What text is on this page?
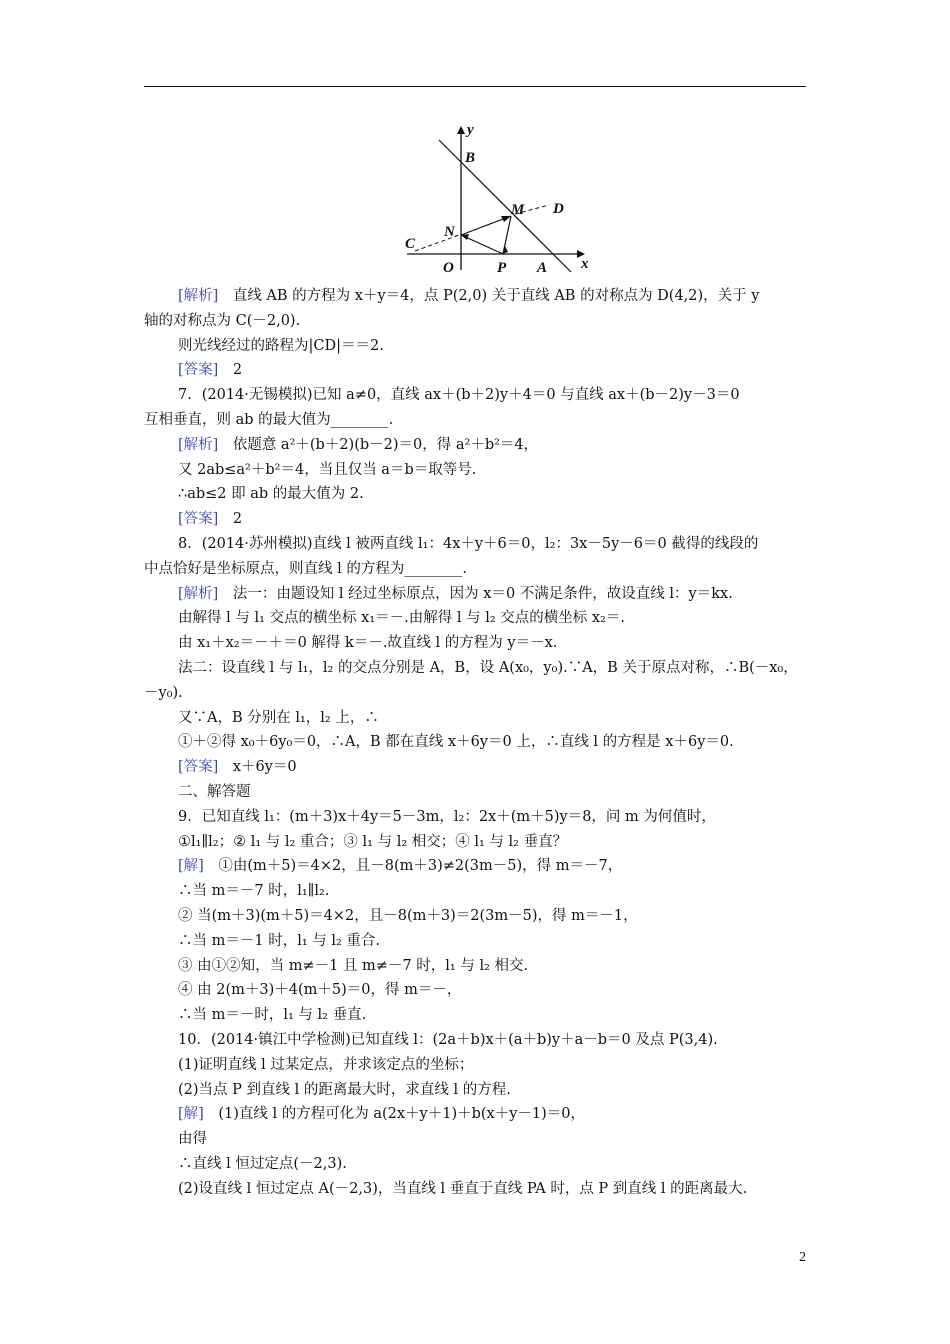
y
x
B
M D
N
C
O	P A
[解析]　直线 AB 的方程为 x＋y＝4，点 P(2,0) 关于直线 AB 的对称点为 D(4,2)，关于 y
轴的对称点为 C(－2,0).
则光线经过的路程为|CD|＝＝2.
[答案]　2
7．(2014·无锡模拟)已知 a≠0，直线 ax＋(b＋2)y＋4＝0 与直线 ax＋(b－2)y－3＝0
互相垂直，则 ab 的最大值为________.
[解析]　依题意 a²＋(b＋2)(b－2)＝0，得 a²＋b²＝4，
又 2ab≤a²＋b²＝4，当且仅当 a＝b＝取等号.
∴ab≤2 即 ab 的最大值为 2.
[答案]　2
8．(2014·苏州模拟)直线 l 被两直线 l₁：4x＋y＋6＝0，l₂：3x－5y－6＝0 截得的线段的
中点恰好是坐标原点，则直线 l 的方程为________.
[解析]　法一：由题设知 l 经过坐标原点，因为 x＝0 不满足条件，故设直线 l：y＝kx.
由解得 l 与 l₁ 交点的横坐标 x₁＝－.由解得 l 与 l₂ 交点的横坐标 x₂＝.
由 x₁＋x₂＝－＋＝0 解得 k＝－.故直线 l 的方程为 y＝－x.
法二：设直线 l 与 l₁，l₂ 的交点分别是 A，B，设 A(x₀，y₀).∵A，B 关于原点对称，∴B(－x₀，
－y₀).
又∵A，B 分别在 l₁，l₂ 上，∴
①＋②得 x₀＋6y₀＝0，∴A，B 都在直线 x＋6y＝0 上，∴直线 l 的方程是 x＋6y＝0.
[答案]　x＋6y＝0
二、解答题
9．已知直线 l₁：(m＋3)x＋4y＝5－3m，l₂：2x＋(m＋5)y＝8，问 m 为何值时，
①l₁∥l₂；② l₁ 与 l₂ 重合；③ l₁ 与 l₂ 相交；④ l₁ 与 l₂ 垂直？
[解]　①由(m＋5)＝4×2，且－8(m＋3)≠2(3m－5)，得 m＝－7，
∴当 m＝－7 时，l₁∥l₂.
② 当(m＋3)(m＋5)＝4×2，且－8(m＋3)＝2(3m－5)，得 m＝－1，
∴当 m＝－1 时，l₁ 与 l₂ 重合.
③ 由①②知，当 m≠－1 且 m≠－7 时，l₁ 与 l₂ 相交.
④ 由 2(m＋3)＋4(m＋5)＝0，得 m＝－，
∴当 m＝－时，l₁ 与 l₂ 垂直.
10．(2014·镇江中学检测)已知直线 l：(2a＋b)x＋(a＋b)y＋a－b＝0 及点 P(3,4).
(1)证明直线 l 过某定点，并求该定点的坐标；
(2)当点 P 到直线 l 的距离最大时，求直线 l 的方程.
[解]　(1)直线 l 的方程可化为 a(2x＋y＋1)＋b(x＋y－1)＝0，
由得
∴直线 l 恒过定点(－2,3).
(2)设直线 l 恒过定点 A(－2,3)，当直线 l 垂直于直线 PA 时，点 P 到直线 l 的距离最大.
2
